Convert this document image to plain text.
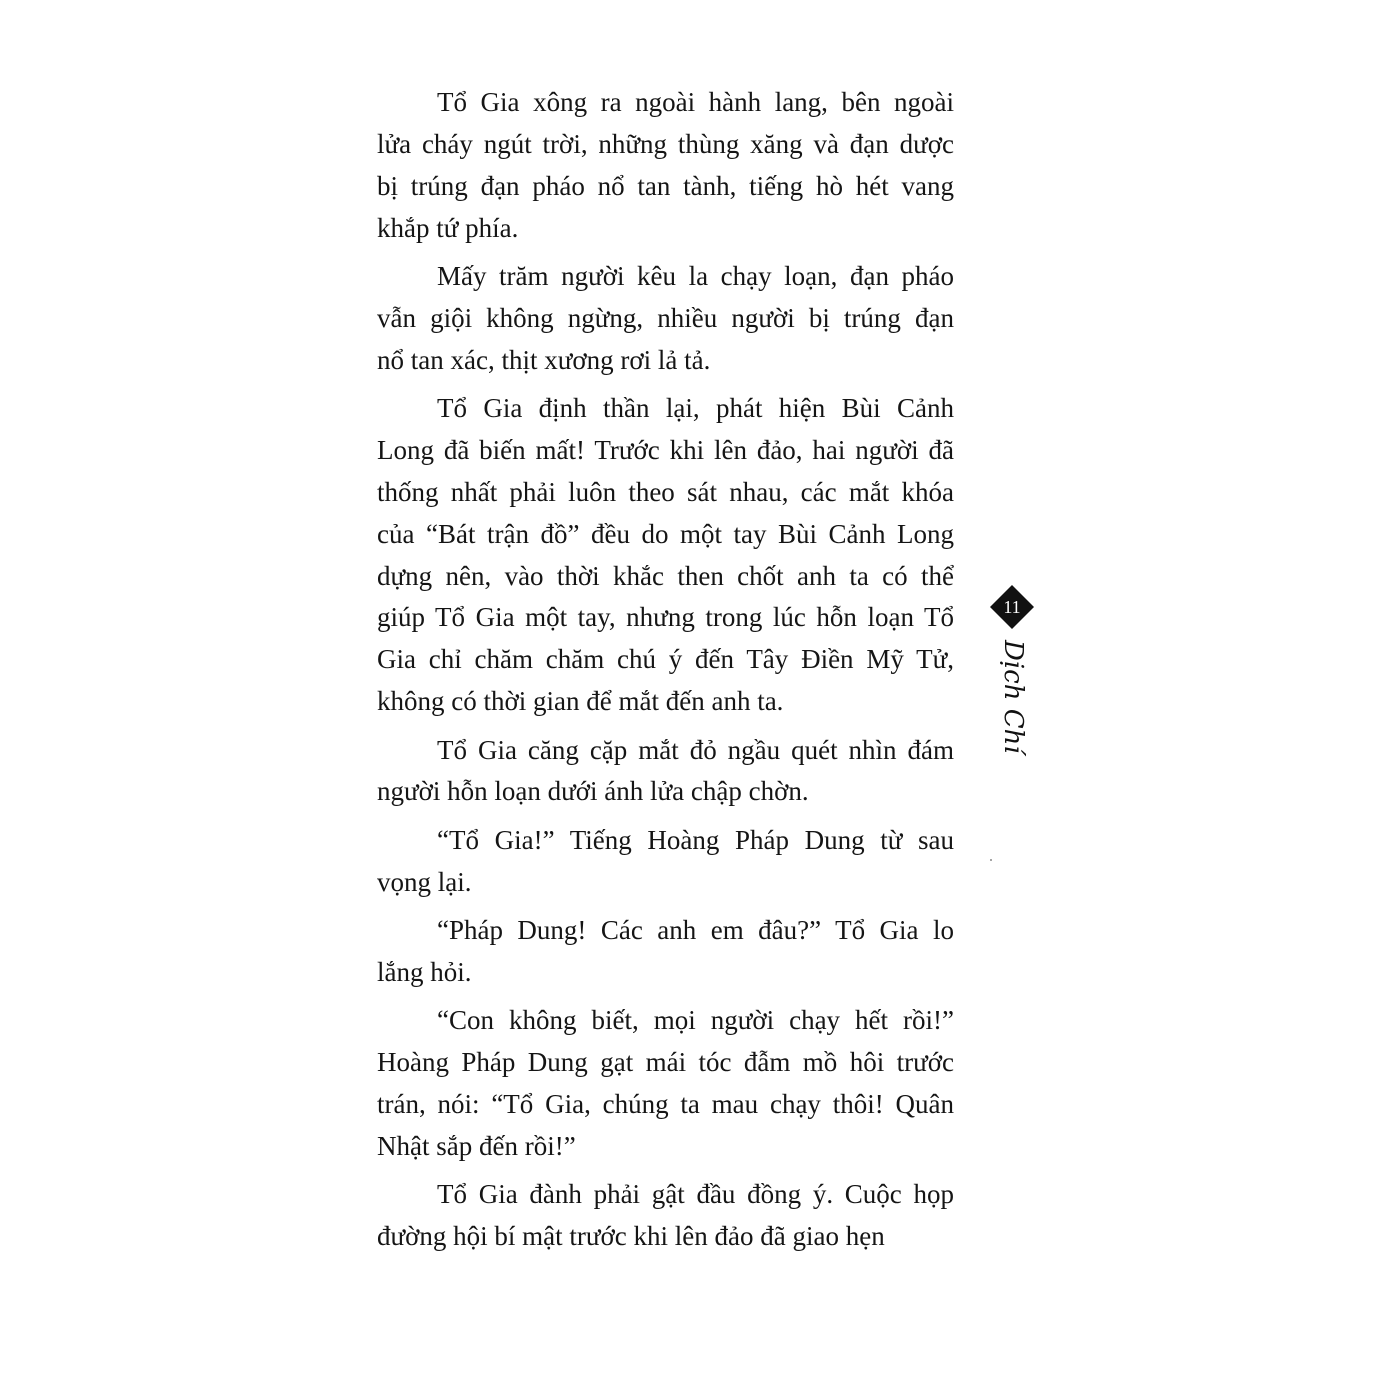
Tổ Gia xông ra ngoài hành lang, bên ngoài
lửa cháy ngút trời, những thùng xăng và đạn dược
bị trúng đạn pháo nổ tan tành, tiếng hò hét vang
khắp tứ phía.
Mấy trăm người kêu la chạy loạn, đạn pháo
vẫn giội không ngừng, nhiều người bị trúng đạn
nổ tan xác, thịt xương rơi lả tả.
Tổ Gia định thần lại, phát hiện Bùi Cảnh
Long đã biến mất! Trước khi lên đảo, hai người đã
thống nhất phải luôn theo sát nhau, các mắt khóa
của “Bát trận đồ” đều do một tay Bùi Cảnh Long
dựng nên, vào thời khắc then chốt anh ta có thể
giúp Tổ Gia một tay, nhưng trong lúc hỗn loạn Tổ
Gia chỉ chăm chăm chú ý đến Tây Điền Mỹ Tử,
không có thời gian để mắt đến anh ta.
Tổ Gia căng cặp mắt đỏ ngầu quét nhìn đám
người hỗn loạn dưới ánh lửa chập chờn.
“Tổ Gia!” Tiếng Hoàng Pháp Dung từ sau
vọng lại.
“Pháp Dung! Các anh em đâu?” Tổ Gia lo
lắng hỏi.
“Con không biết, mọi người chạy hết rồi!”
Hoàng Pháp Dung gạt mái tóc đẫm mồ hôi trước
trán, nói: “Tổ Gia, chúng ta mau chạy thôi! Quân
Nhật sắp đến rồi!”
Tổ Gia đành phải gật đầu đồng ý. Cuộc họp
đường hội bí mật trước khi lên đảo đã giao hẹn
11
Dịch Chí
